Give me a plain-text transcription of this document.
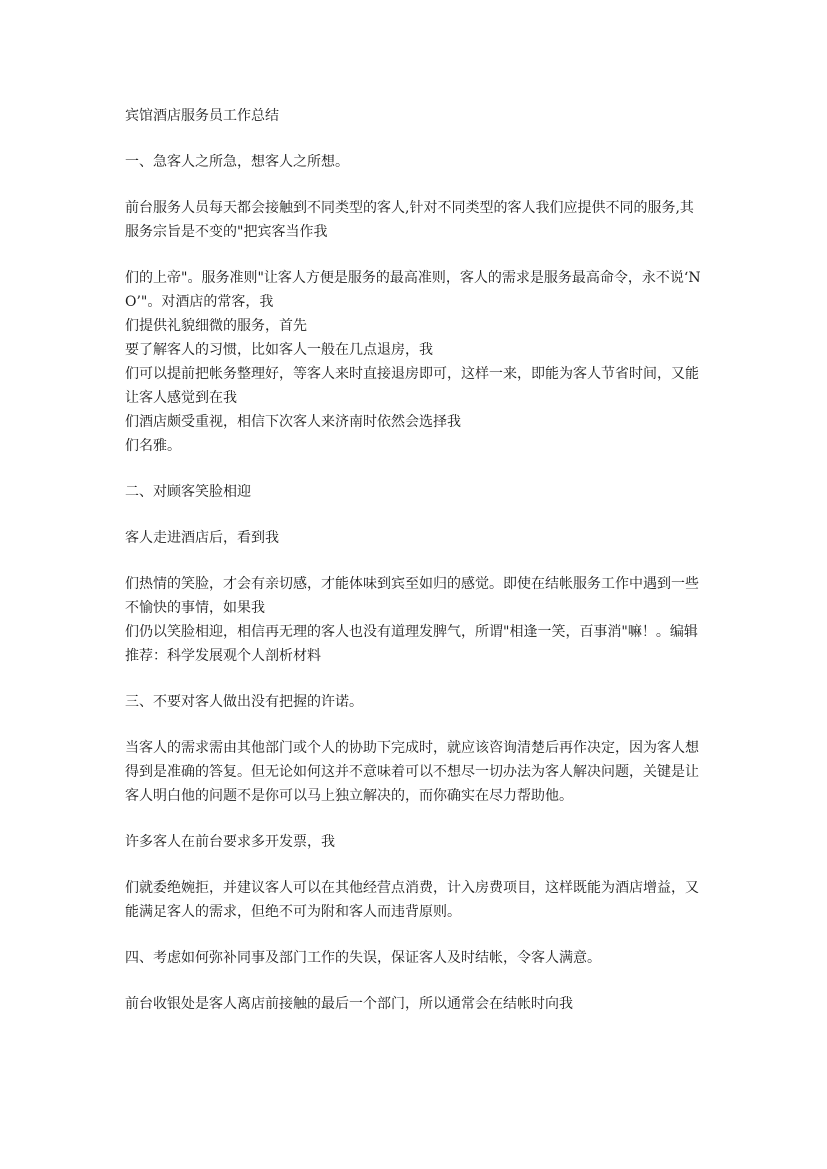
宾馆酒店服务员工作总结

一、急客人之所急，想客人之所想。

前台服务人员每天都会接触到不同类型的客人,针对不同类型的客人我们应提供不同的服务,其服务宗旨是不变的"把宾客当作我

们的上帝"。服务准则"让客人方便是服务的最高准则，客人的需求是服务最高命令，永不说‘NO’"。对酒店的常客，我
们提供礼貌细微的服务，首先
要了解客人的习惯，比如客人一般在几点退房，我
们可以提前把帐务整理好，等客人来时直接退房即可，这样一来，即能为客人节省时间，又能让客人感觉到在我
们酒店颇受重视，相信下次客人来济南时依然会选择我
们名雅。

二、对顾客笑脸相迎

客人走进酒店后，看到我

们热情的笑脸，才会有亲切感，才能体味到宾至如归的感觉。即使在结帐服务工作中遇到一些不愉快的事情，如果我
们仍以笑脸相迎，相信再无理的客人也没有道理发脾气，所谓"相逢一笑，百事消"嘛！。编辑推荐：科学发展观个人剖析材料

三、不要对客人做出没有把握的许诺。

当客人的需求需由其他部门或个人的协助下完成时，就应该咨询清楚后再作决定，因为客人想得到是准确的答复。但无论如何这并不意味着可以不想尽一切办法为客人解决问题，关键是让客人明白他的问题不是你可以马上独立解决的，而你确实在尽力帮助他。

许多客人在前台要求多开发票，我

们就委绝婉拒，并建议客人可以在其他经营点消费，计入房费项目，这样既能为酒店增益，又能满足客人的需求，但绝不可为附和客人而违背原则。

四、考虑如何弥补同事及部门工作的失误，保证客人及时结帐，令客人满意。

前台收银处是客人离店前接触的最后一个部门，所以通常会在结帐时向我
